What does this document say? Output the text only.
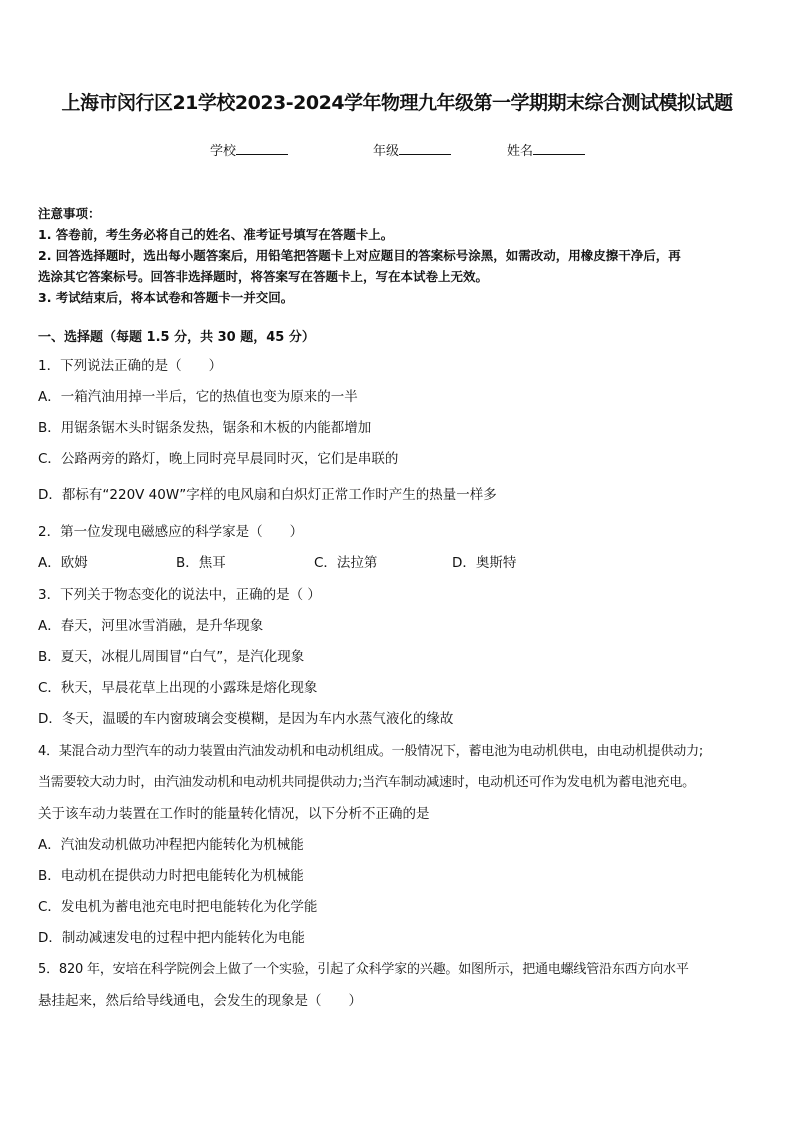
上海市闵行区21学校2023-2024学年物理九年级第一学期期末综合测试模拟试题
学校	年级	姓名
注意事项：
1. 答卷前，考生务必将自己的姓名、准考证号填写在答题卡上。
2. 回答选择题时，选出每小题答案后，用铅笔把答题卡上对应题目的答案标号涂黑，如需改动，用橡皮擦干净后，再
选涂其它答案标号。回答非选择题时，将答案写在答题卡上，写在本试卷上无效。
3. 考试结束后，将本试卷和答题卡一并交回。
一、选择题（每题 1.5 分，共 30 题，45 分）
1．下列说法正确的是（　　）
A．一箱汽油用掉一半后，它的热值也变为原来的一半
B．用锯条锯木头时锯条发热，锯条和木板的内能都增加
C．公路两旁的路灯，晚上同时亮早晨同时灭，它们是串联的
D．都标有“220V 40W”字样的电风扇和白炽灯正常工作时产生的热量一样多
2．第一位发现电磁感应的科学家是（　　）
A．欧姆	B．焦耳	C．法拉第	D．奥斯特
3．下列关于物态变化的说法中，正确的是（ ）
A．春天，河里冰雪消融，是升华现象
B．夏天，冰棍儿周围冒“白气”，是汽化现象
C．秋天，早晨花草上出现的小露珠是熔化现象
D．冬天，温暖的车内窗玻璃会变模糊，是因为车内水蒸气液化的缘故
4．某混合动力型汽车的动力装置由汽油发动机和电动机组成。一般情况下，蓄电池为电动机供电，由电动机提供动力;
当需要较大动力时，由汽油发动机和电动机共同提供动力;当汽车制动减速时，电动机还可作为发电机为蓄电池充电。
关于该车动力装置在工作时的能量转化情况，以下分析不正确的是
A．汽油发动机做功冲程把内能转化为机械能
B．电动机在提供动力时把电能转化为机械能
C．发电机为蓄电池充电时把电能转化为化学能
D．制动减速发电的过程中把内能转化为电能
5．820 年，安培在科学院例会上做了一个实验，引起了众科学家的兴趣。如图所示，把通电螺线管沿东西方向水平
悬挂起来，然后给导线通电，会发生的现象是（　　）
